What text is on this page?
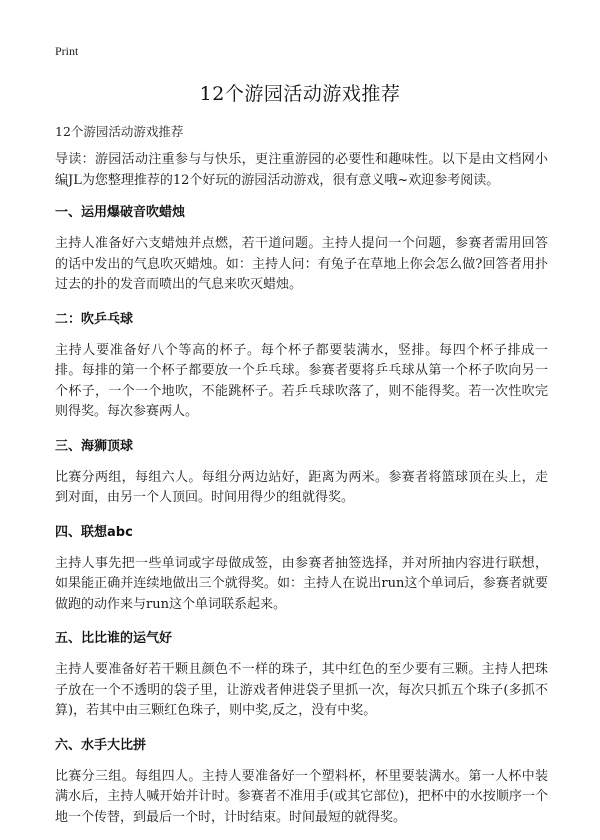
Print
12个游园活动游戏推荐
12个游园活动游戏推荐

导读：游园活动注重参与与快乐，更注重游园的必要性和趣味性。以下是由文档网小编JL为您整理推荐的12个好玩的游园活动游戏，很有意义哦~欢迎参考阅读。

一、运用爆破音吹蜡烛

主持人准备好六支蜡烛并点燃，若干道问题。主持人提问一个问题，参赛者需用回答的话中发出的气息吹灭蜡烛。如：主持人问：有兔子在草地上你会怎么做?回答者用扑过去的扑的发音而喷出的气息来吹灭蜡烛。

二：吹乒乓球

主持人要准备好八个等高的杯子。每个杯子都要装满水，竖排。每四个杯子排成一排。每排的第一个杯子都要放一个乒乓球。参赛者要将乒乓球从第一个杯子吹向另一个杯子，一个一个地吹，不能跳杯子。若乒乓球吹落了，则不能得奖。若一次性吹完则得奖。每次参赛两人。

三、海狮顶球

比赛分两组，每组六人。每组分两边站好，距离为两米。参赛者将篮球顶在头上，走到对面，由另一个人顶回。时间用得少的组就得奖。

四、联想abc

主持人事先把一些单词或字母做成签，由参赛者抽签选择，并对所抽内容进行联想，如果能正确并连续地做出三个就得奖。如：主持人在说出run这个单词后，参赛者就要做跑的动作来与run这个单词联系起来。

五、比比谁的运气好

主持人要准备好若干颗且颜色不一样的珠子，其中红色的至少要有三颗。主持人把珠子放在一个不透明的袋子里，让游戏者伸进袋子里抓一次，每次只抓五个珠子(多抓不算)，若其中由三颗红色珠子，则中奖,反之，没有中奖。

六、水手大比拼

比赛分三组。每组四人。主持人要准备好一个塑料杯，杯里要装满水。第一人杯中装满水后，主持人喊开始并计时。参赛者不准用手(或其它部位)，把杯中的水按顺序一个地一个传替，到最后一个时，计时结束。时间最短的就得奖。
